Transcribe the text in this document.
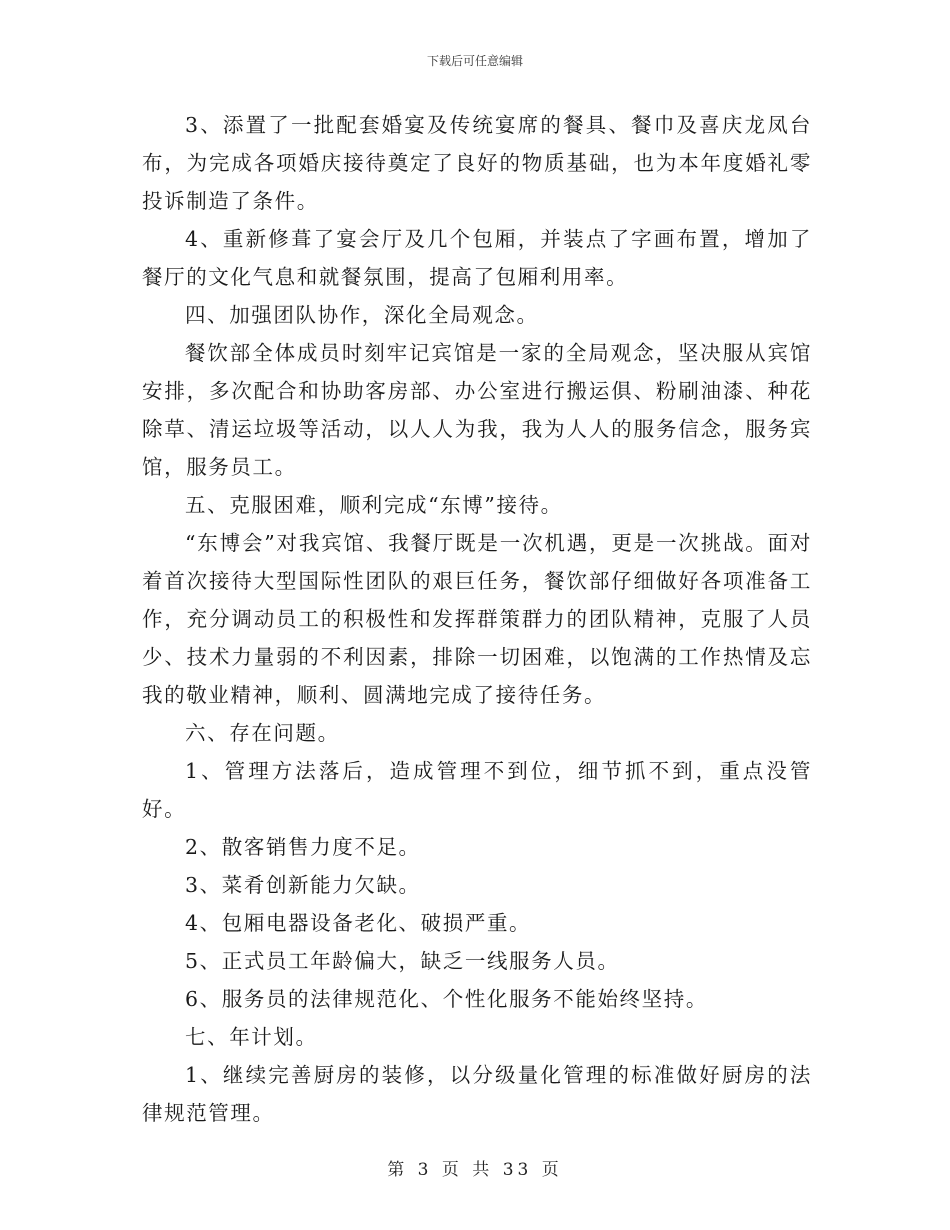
下载后可任意编辑

3、添置了一批配套婚宴及传统宴席的餐具、餐巾及喜庆龙凤台布，为完成各项婚庆接待奠定了良好的物质基础，也为本年度婚礼零投诉制造了条件。

4、重新修葺了宴会厅及几个包厢，并装点了字画布置，增加了餐厅的文化气息和就餐氛围，提高了包厢利用率。

四、加强团队协作，深化全局观念。

餐饮部全体成员时刻牢记宾馆是一家的全局观念，坚决服从宾馆安排，多次配合和协助客房部、办公室进行搬运俱、粉刷油漆、种花除草、清运垃圾等活动，以人人为我，我为人人的服务信念，服务宾馆，服务员工。

五、克服困难，顺利完成“东博”接待。

“东博会”对我宾馆、我餐厅既是一次机遇，更是一次挑战。面对着首次接待大型国际性团队的艰巨任务，餐饮部仔细做好各项准备工作，充分调动员工的积极性和发挥群策群力的团队精神，克服了人员少、技术力量弱的不利因素，排除一切困难，以饱满的工作热情及忘我的敬业精神，顺利、圆满地完成了接待任务。

六、存在问题。

1、管理方法落后，造成管理不到位，细节抓不到，重点没管好。

2、散客销售力度不足。

3、菜肴创新能力欠缺。

4、包厢电器设备老化、破损严重。

5、正式员工年龄偏大，缺乏一线服务人员。

6、服务员的法律规范化、个性化服务不能始终坚持。

七、年计划。

1、继续完善厨房的装修，以分级量化管理的标准做好厨房的法律规范管理。

第 3 页 共 33 页
